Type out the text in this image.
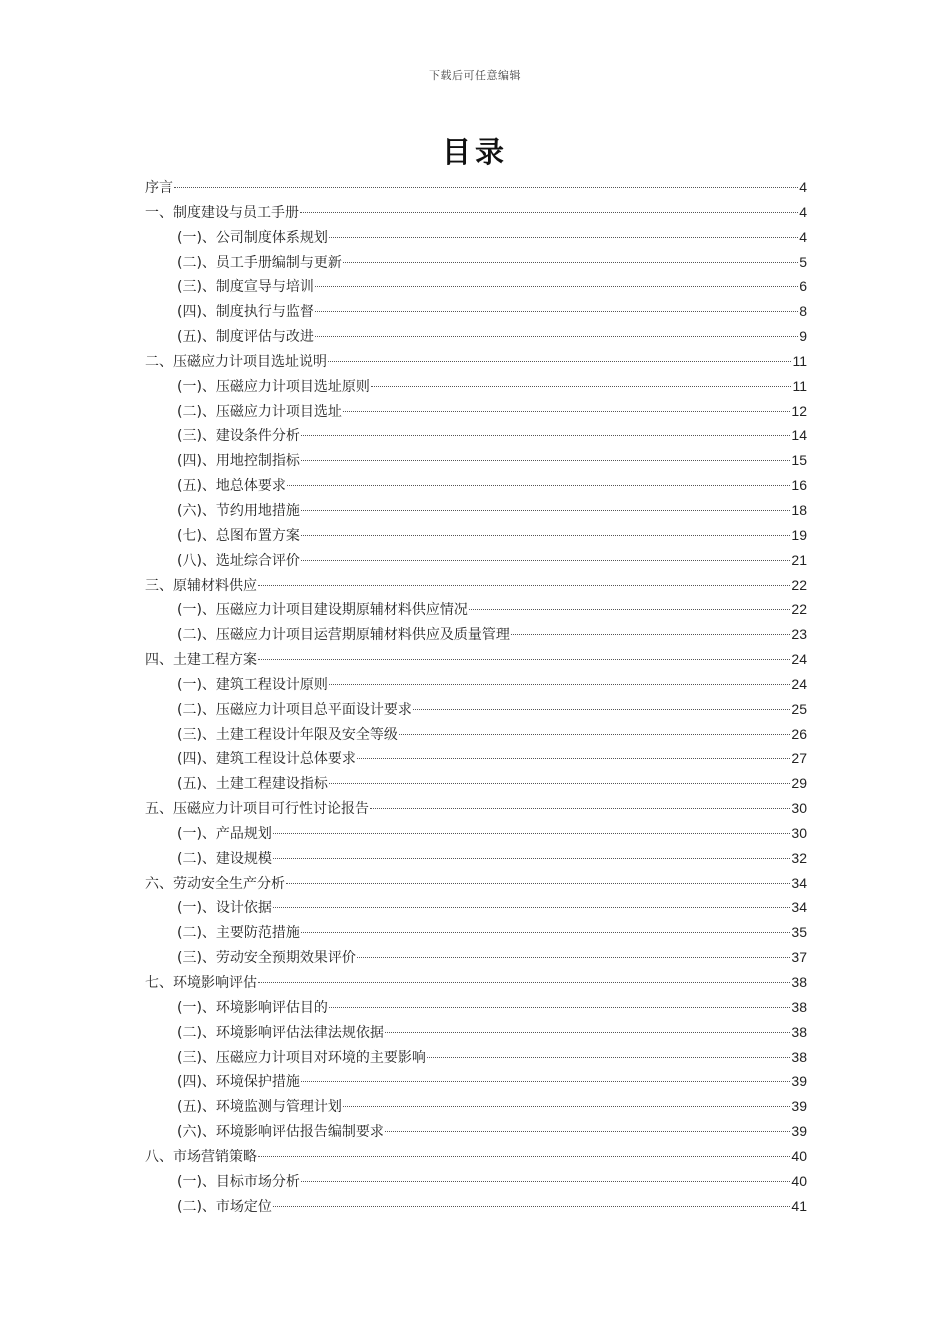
下载后可任意编辑
目录
序言	4
一、制度建设与员工手册	4
(一)、公司制度体系规划	4
(二)、员工手册编制与更新	5
(三)、制度宣导与培训	6
(四)、制度执行与监督	8
(五)、制度评估与改进	9
二、压磁应力计项目选址说明	11
(一)、压磁应力计项目选址原则	11
(二)、压磁应力计项目选址	12
(三)、建设条件分析	14
(四)、用地控制指标	15
(五)、地总体要求	16
(六)、节约用地措施	18
(七)、总图布置方案	19
(八)、选址综合评价	21
三、原辅材料供应	22
(一)、压磁应力计项目建设期原辅材料供应情况	22
(二)、压磁应力计项目运营期原辅材料供应及质量管理	23
四、土建工程方案	24
(一)、建筑工程设计原则	24
(二)、压磁应力计项目总平面设计要求	25
(三)、土建工程设计年限及安全等级	26
(四)、建筑工程设计总体要求	27
(五)、土建工程建设指标	29
五、压磁应力计项目可行性讨论报告	30
(一)、产品规划	30
(二)、建设规模	32
六、劳动安全生产分析	34
(一)、设计依据	34
(二)、主要防范措施	35
(三)、劳动安全预期效果评价	37
七、环境影响评估	38
(一)、环境影响评估目的	38
(二)、环境影响评估法律法规依据	38
(三)、压磁应力计项目对环境的主要影响	38
(四)、环境保护措施	39
(五)、环境监测与管理计划	39
(六)、环境影响评估报告编制要求	39
八、市场营销策略	40
(一)、目标市场分析	40
(二)、市场定位	41
